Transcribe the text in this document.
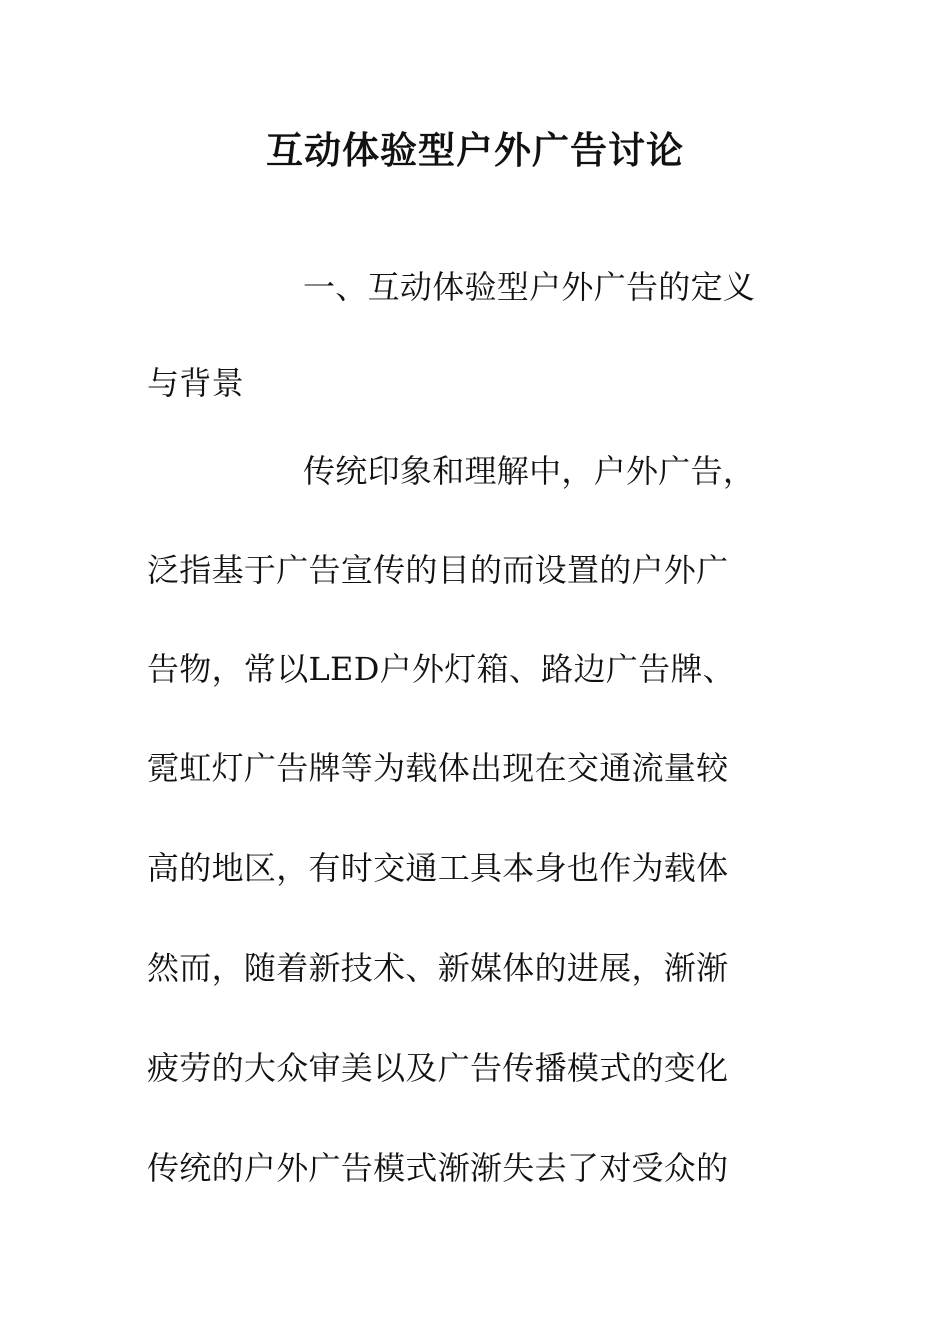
互动体验型户外广告讨论
一、互动体验型户外广告的定义
与背景
传统印象和理解中，户外广告，
泛指基于广告宣传的目的而设置的户外广
告物，常以LED户外灯箱、路边广告牌、
霓虹灯广告牌等为载体出现在交通流量较
高的地区，有时交通工具本身也作为载体
然而，随着新技术、新媒体的进展，渐渐
疲劳的大众审美以及广告传播模式的变化
传统的户外广告模式渐渐失去了对受众的
